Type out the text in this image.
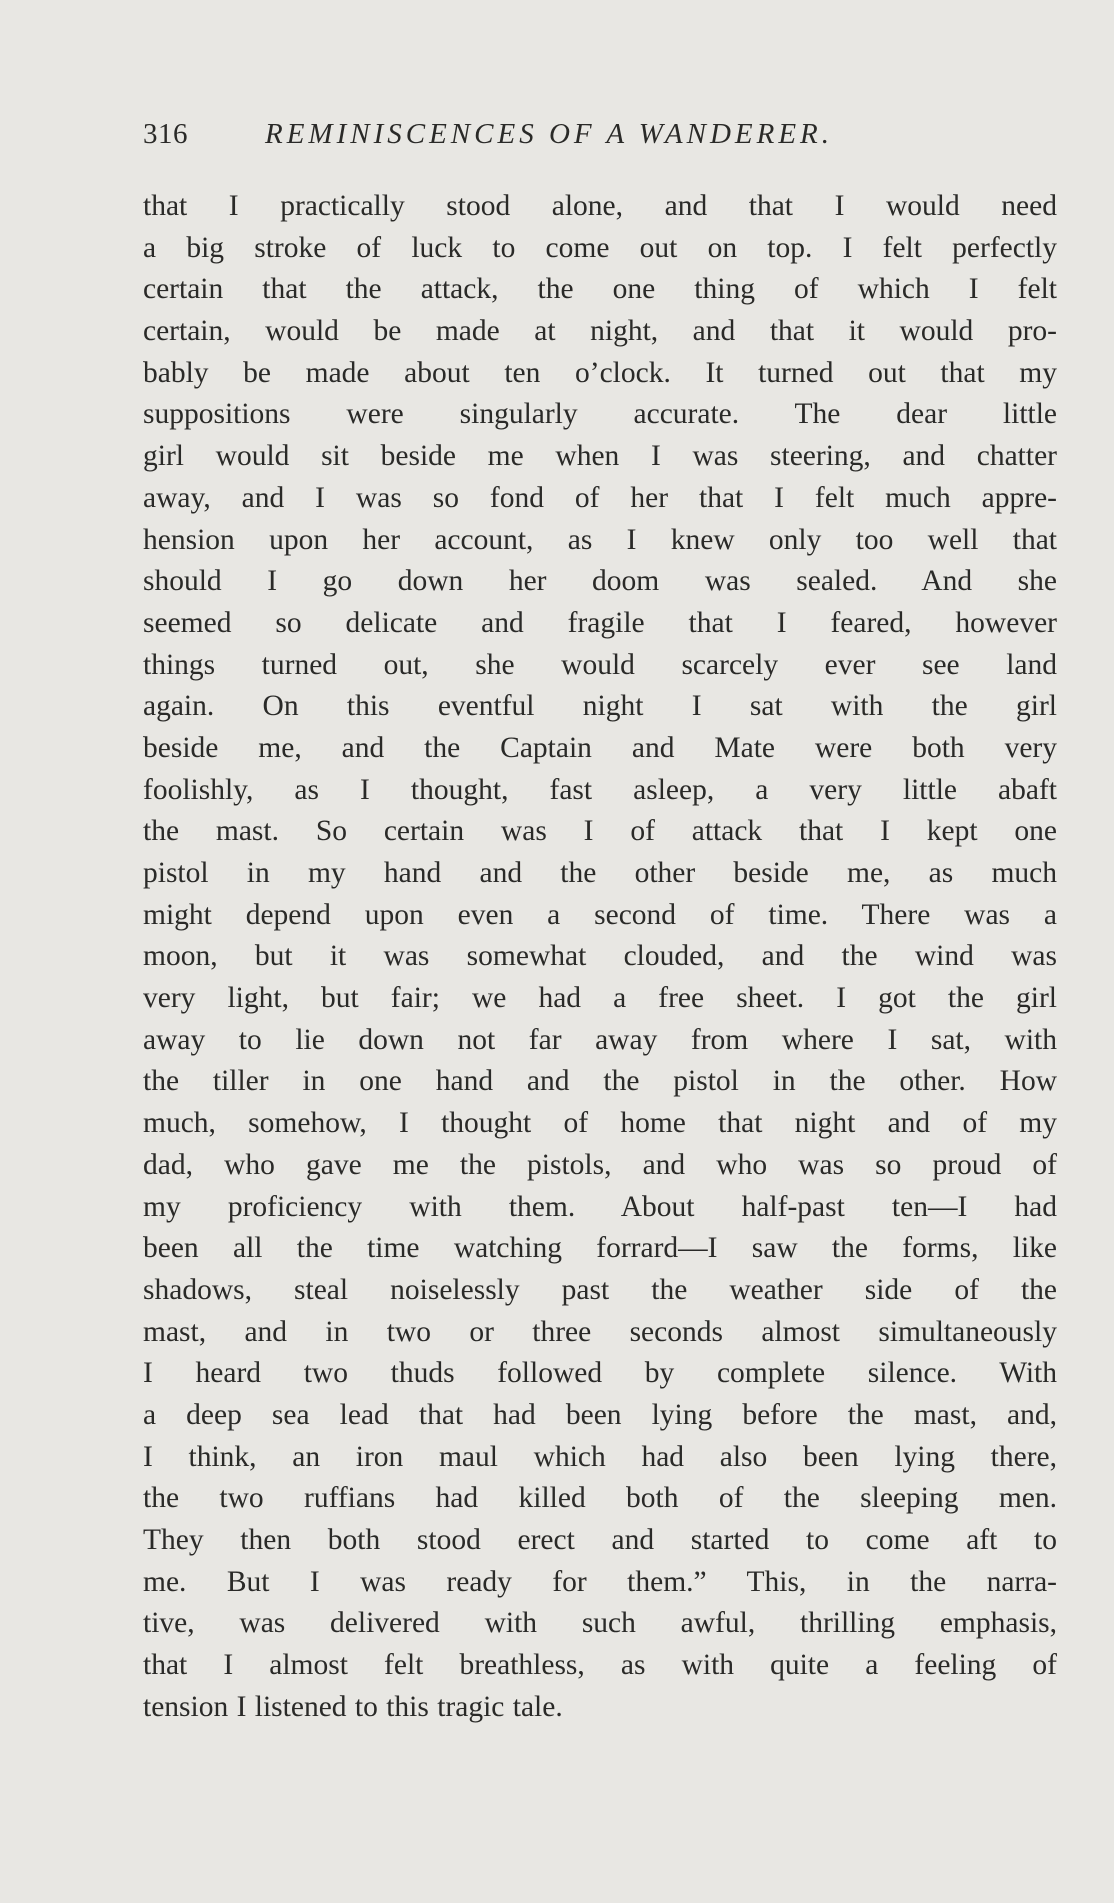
316	REMINISCENCES OF A WANDERER.
that I practically stood alone, and that I would need
a big stroke of luck to come out on top. I felt perfectly
certain that the attack, the one thing of which I felt
certain, would be made at night, and that it would pro-
bably be made about ten o’clock. It turned out that my
suppositions were singularly accurate. The dear little
girl would sit beside me when I was steering, and chatter
away, and I was so fond of her that I felt much appre-
hension upon her account, as I knew only too well that
should I go down her doom was sealed. And she
seemed so delicate and fragile that I feared, however
things turned out, she would scarcely ever see land
again. On this eventful night I sat with the girl
beside me, and the Captain and Mate were both very
foolishly, as I thought, fast asleep, a very little abaft
the mast. So certain was I of attack that I kept one
pistol in my hand and the other beside me, as much
might depend upon even a second of time. There was a
moon, but it was somewhat clouded, and the wind was
very light, but fair; we had a free sheet. I got the girl
away to lie down not far away from where I sat, with
the tiller in one hand and the pistol in the other. How
much, somehow, I thought of home that night and of my
dad, who gave me the pistols, and who was so proud of
my proficiency with them. About half-past ten—I had
been all the time watching forrard—I saw the forms, like
shadows, steal noiselessly past the weather side of the
mast, and in two or three seconds almost simultaneously
I heard two thuds followed by complete silence. With
a deep sea lead that had been lying before the mast, and,
I think, an iron maul which had also been lying there,
the two ruffians had killed both of the sleeping men.
They then both stood erect and started to come aft to
me. But I was ready for them.” This, in the narra-
tive, was delivered with such awful, thrilling emphasis,
that I almost felt breathless, as with quite a feeling of
tension I listened to this tragic tale.
